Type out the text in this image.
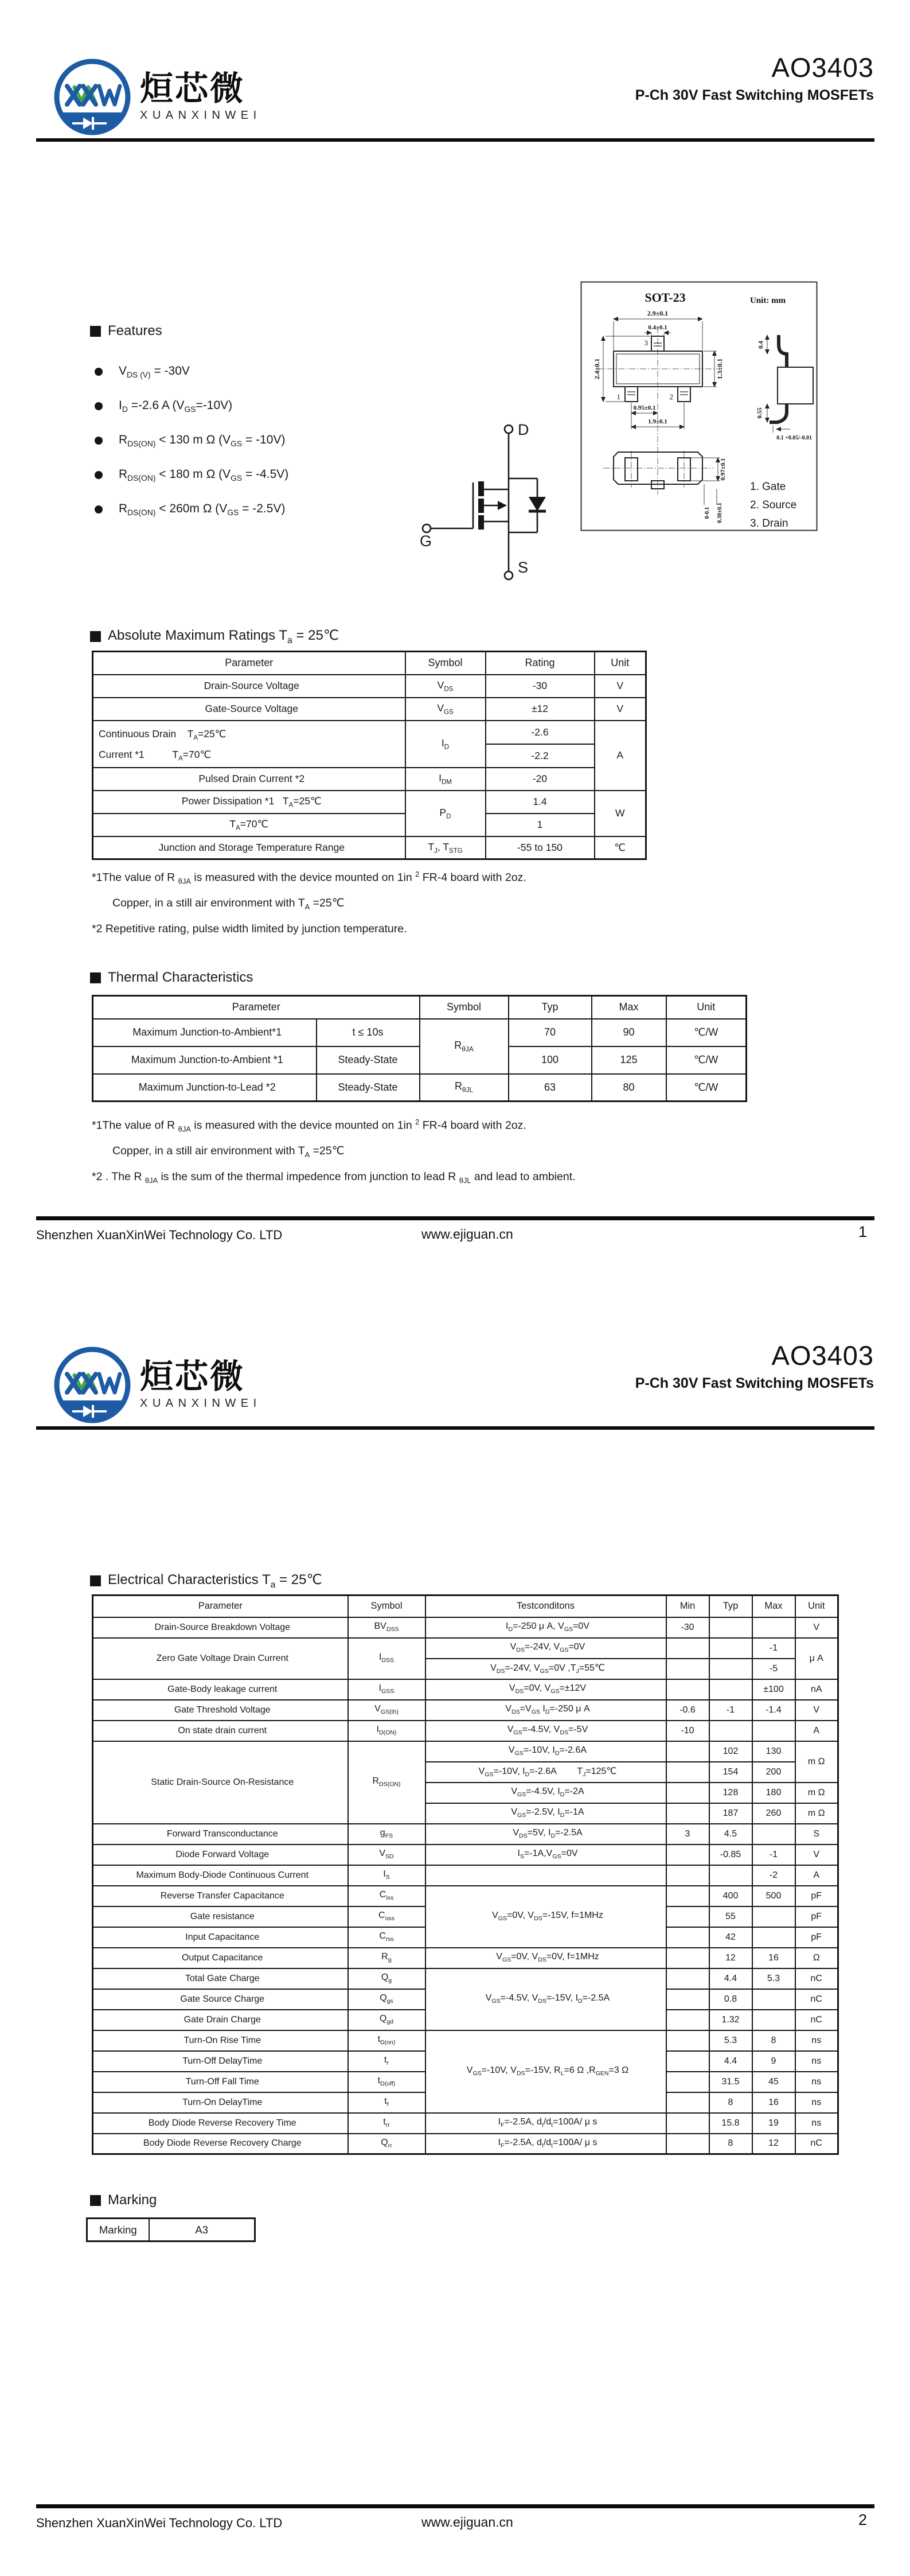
烜芯微
XUANXINWEI
AO3403
P-Ch 30V Fast Switching MOSFETs
Features
$V_{DS (V)} = -30V$
$I_D =-2.6$ A $(V_{GS}=-10V)$
$R_{DS(ON)} < 130$ m Ω $(V_{GS} = -10V)$
$R_{DS(ON)} < 180$ m Ω $(V_{GS} = -4.5V)$
$R_{DS(ON)} < 260m$ Ω $(V_{GS} = -2.5V)$
D
G
S
SOT-23	Unit: mm
3
1	2
2.9±0.1
0.4±0.1
2.4±0.1	1.3±0.1
0.95±0.1
1.9±0.1
0.4
0.55
0.1 +0.05/-0.01
0.97±0.1
0-0.1 0.38±0.1
1. Gate
2. Source
3. Drain
Absolute Maximum Ratings $T_a$ = 25℃
Parameter	Symbol	Rating	Unit
Drain-Source Voltage	$V_{DS}$	-30	V
Gate-Source Voltage	$V_{GS}$	±12	V

Continuous Drain    $T_A=25℃$
Current *1          $T_A=70℃$	$I_D$	-2.6	A
		-2.2	
Pulsed Drain Current *2	$I_{DM}$	-20	
Power Dissipation *1   $T_A=25℃$	$P_D$	1.4	W
$T_A=70℃$		1	
Junction and Storage Temperature Range	$T_J$, $T_{STG}$	-55 to 150	℃
*1The value of R $_{\theta JA}$ is measured with the device mounted on 1in $^2$ FR-4 board with 2oz.
Copper, in a still air environment with $T_A$ =25℃
*2 Repetitive rating, pulse width limited by junction temperature.
Thermal Characteristics
Parameter		Symbol	Typ	Max	Unit
Maximum Junction-to-Ambient*1	t ≤ 10s	$R_{\theta JA}$	70	90	℃/W
Maximum Junction-to-Ambient *1	Steady-State		100	125	℃/W
Maximum Junction-to-Lead *2	Steady-State	$R_{\theta JL}$	63	80	℃/W
*1The value of R $_{\theta JA}$ is measured with the device mounted on 1in $^2$ FR-4 board with 2oz.
Copper, in a still air environment with $T_A$ =25℃
*2 . The R $_{\theta JA}$ is the sum of the thermal impedence from junction to lead R $_{\theta JL}$ and lead to ambient.
Shenzhen XuanXinWei Technology Co. LTD	www.ejiguan.cn	1
烜芯微
XUANXINWEI
AO3403
P-Ch 30V Fast Switching MOSFETs
Electrical Characteristics $T_a$ = 25℃
Parameter	Symbol	Testconditons	Min	Typ	Max	Unit
Drain-Source Breakdown Voltage	$BV_{DSS}$	$I_D=-250$ μ A, $V_{GS}=0V$	-30			V
Zero Gate Voltage Drain Current	$I_{DSS}$	$V_{DS}=-24V$, $V_{GS}=0V$			-1	μ A
		$V_{DS}=-24V$, $V_{GS}=0V$ $,T_J=55℃$			-5	
Gate-Body leakage current	$I_{GSS}$	$V_{DS}=0V$, $V_{GS}=\pm 12V$			±100	nA
Gate Threshold Voltage	$V_{GS(th)}$	$V_{DS}=V_{GS}$ $I_D=-250$ μ A	-0.6	-1	-1.4	V
On state drain current	$I_{D(ON)}$	$V_{GS}=-4.5V$, $V_{DS}=-5V$	-10			A
Static Drain-Source On-Resistance	$R_{DS(ON)}$	$V_{GS}=-10V$, $I_D=-2.6A$		102	130	m Ω
		$V_{GS}=-10V$, $I_D=-2.6A$        $T_J=125℃$		154	200	
		$V_{GS}=-4.5V$, $I_D=-2A$		128	180	m Ω
		$V_{GS}=-2.5V$, $I_D=-1A$		187	260	m Ω
Forward Transconductance	$g_{FS}$	$V_{DS}=5V$, $I_D=-2.5A$	3	4.5		S
Diode Forward Voltage	$V_{SD}$	$I_S=-1A,V_{GS}=0V$		-0.85	-1	V
Maximum Body-Diode Continuous Current	$I_S$				-2	A
Reverse Transfer Capacitance	$C_{iss}$	$V_{GS}=0V$, $V_{DS}=-15V$, f=1MHz		400	500	pF
Gate resistance	$C_{oss}$			55		pF
Input Capacitance	$C_{rss}$			42		pF
Output Capacitance	$R_g$	$V_{GS}=0V$, $V_{DS}=0V$, f=1MHz		12	16	Ω
Total Gate Charge	$Q_g$	$V_{GS}=-4.5V$, $V_{DS}=-15V$, $I_D=-2.5A$		4.4	5.3	nC
Gate Source Charge	$Q_{gs}$			0.8		nC
Gate Drain Charge	$Q_{gd}$			1.32		nC
Turn-On Rise Time	$t_{D(on)}$	$V_{GS}=-10V$, $V_{DS}=-15V$, $R_L=6$ Ω $,R_{GEN}=3$ Ω		5.3	8	ns
Turn-Off DelayTime	$t_r$			4.4	9	ns
Turn-Off Fall Time	$t_{D(off)}$			31.5	45	ns
Turn-On DelayTime	$t_f$			8	16	ns
Body Diode Reverse Recovery Time	$t_{rr}$	$I_F=-2.5A$, $d_I/d_t=100A/$ μ s		15.8	19	ns
Body Diode Reverse Recovery Charge	$Q_{rr}$	$I_F=-2.5A$, $d_I/d_t=100A/$ μ s		8	12	nC
Marking
Marking	A3
Shenzhen XuanXinWei Technology Co. LTD	www.ejiguan.cn	2
